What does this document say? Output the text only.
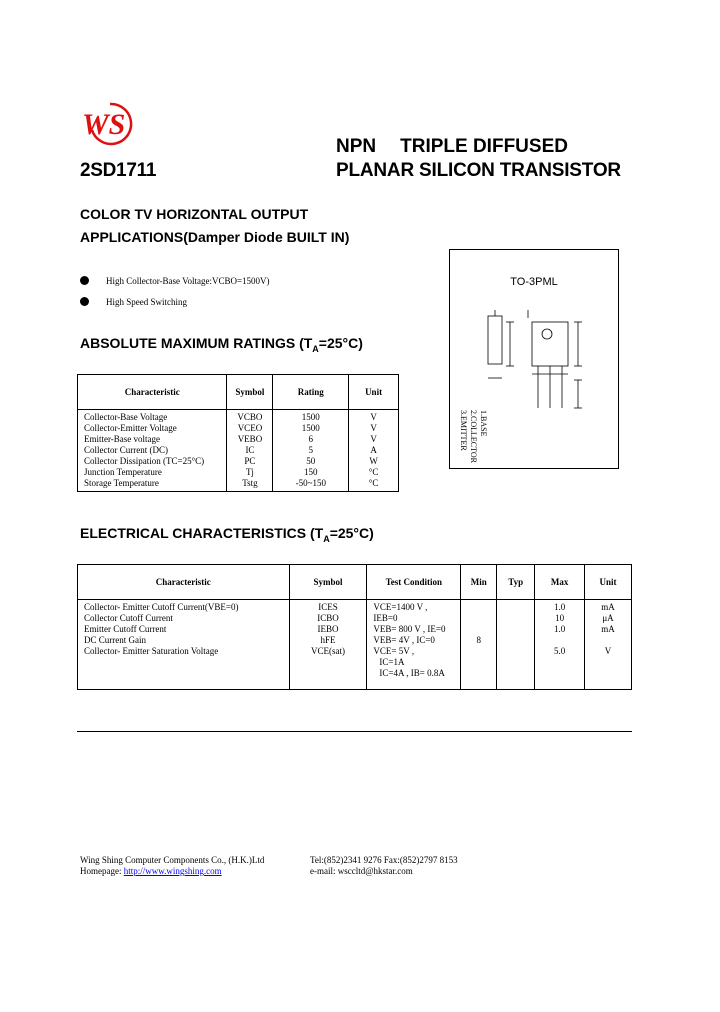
WS
2SD1711
NPN TRIPLE DIFFUSED
PLANAR SILICON TRANSISTOR
COLOR TV HORIZONTAL OUTPUT
APPLICATIONS(Damper Diode BUILT IN)
High Collector-Base Voltage:VCBO=1500V)
High Speed Switching
TO-3PML
1.BASE
2.COLLECTOR
3.EMITTER
ABSOLUTE MAXIMUM RATINGS $(T_A=25^\circ C)$
Characteristic	Symbol	Rating	Unit
Collector-Base Voltage	VCBO	1500	V
Collector-Emitter Voltage	VCEO	1500	V
Emitter-Base voltage	VEBO	6	V
Collector Current (DC)	IC	5	A
Collector Dissipation (TC=25°C)	PC	50	W
Junction Temperature	Tj	150	°C
Storage Temperature	Tstg	-50~150	°C
ELECTRICAL CHARACTERISTICS $(T_A=25^\circ C)$
Characteristic	Symbol	Test Condition	Min	Typ	Max	Unit
Collector- Emitter Cutoff Current(VBE=0)	ICES	VCE=1400 V ,			1.0	mA
Collector Cutoff Current	ICBO	IEB=0			10	μA
Emitter Cutoff Current	IEBO	VEB= 800 V , IE=0			1.0	mA
DC Current Gain	hFE	VEB= 4V , IC=0	8			
Collector- Emitter Saturation Voltage	VCE(sat)	VCE= 5V ,			5.0	V
		IC=1A				
		IC=4A , IB= 0.8A				
Wing Shing Computer Components Co., (H.K.)Ltd
Homepage: http://www.wingshing.com
Tel:(852)2341 9276 Fax:(852)2797 8153
e-mail: wsccltd@hkstar.com
